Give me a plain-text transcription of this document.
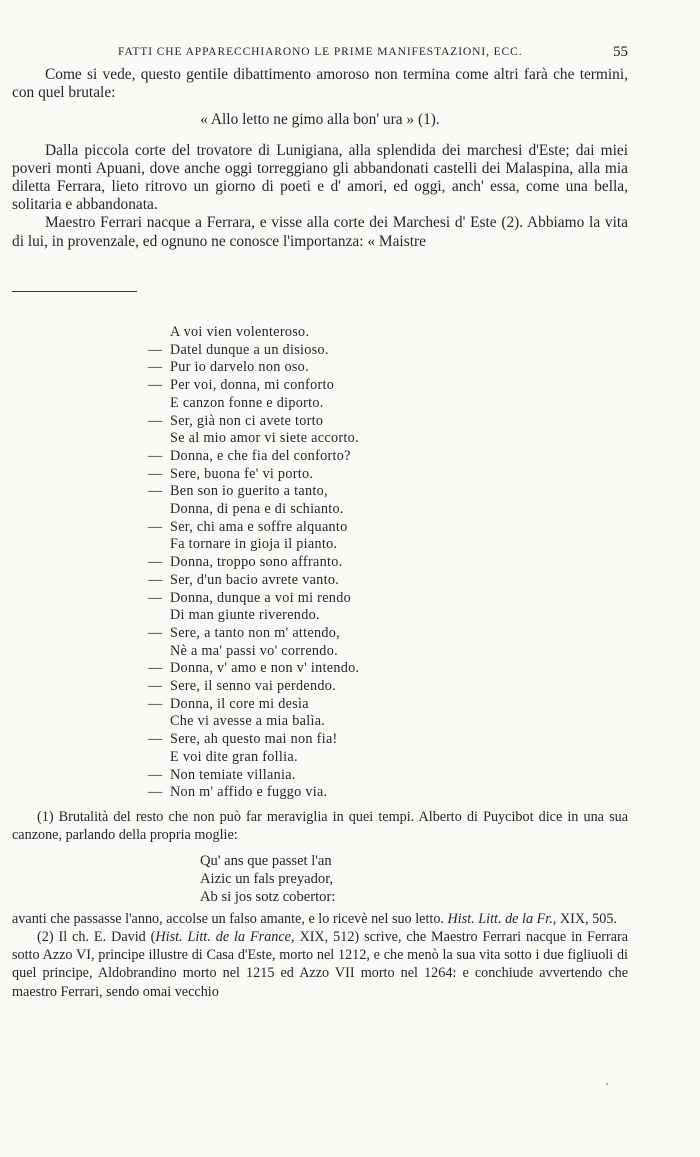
FATTI CHE APPARECCHIARONO LE PRIME MANIFESTAZIONI, ECC.	55

Come si vede, questo gentile dibattimento amoroso non termina come altri farà che termini, con quel brutale:

« Allo letto ne gimo alla bon' ura » (1).

Dalla piccola corte del trovatore di Lunigiana, alla splendida dei marchesi d'Este; dai miei poveri monti Apuani, dove anche oggi torreggiano gli abbandonati castelli dei Malaspina, alla mia diletta Ferrara, lieto ritrovo un giorno di poeti e d' amori, ed oggi, anch' essa, come una bella, solitaria e abbandonata.

Maestro Ferrari nacque a Ferrara, e visse alla corte dei Marchesi d' Este (2). Abbiamo la vita di lui, in provenzale, ed ognuno ne conosce l'importanza: « Maistre

A voi vien volenteroso.
— Datel dunque a un disioso.
— Pur io darvelo non oso.
— Per voi, donna, mi conforto
E canzon fonne e diporto.
— Ser, già non ci avete torto
Se al mio amor vi siete accorto.
— Donna, e che fia del conforto?
— Sere, buona fe' vi porto.
— Ben son io guerito a tanto,
Donna, di pena e di schianto.
— Ser, chi ama e soffre alquanto
Fa tornare in gioja il pianto.
— Donna, troppo sono affranto.
— Ser, d'un bacio avrete vanto.
— Donna, dunque a voi mi rendo
Di man giunte riverendo.
— Sere, a tanto non m' attendo,
Nè a ma' passi vo' correndo.
— Donna, v' amo e non v' intendo.
— Sere, il senno vai perdendo.
— Donna, il core mi desìa
Che vi avesse a mia balìa.
— Sere, ah questo mai non fia!
E voi dite gran follia.
— Non temiate villania.
— Non m' affido e fuggo via.

(1) Brutalità del resto che non può far meraviglia in quei tempi. Alberto di Puycibot dice in una sua canzone, parlando della propria moglie:

Qu' ans que passet l'an
Aizic un fals preyador,
Ab si jos sotz cobertor:

avanti che passasse l'anno, accolse un falso amante, e lo ricevè nel suo letto. Hist. Litt. de la Fr., XIX, 505.

(2) Il ch. E. David (Hist. Litt. de la France, XIX, 512) scrive, che Maestro Ferrari nacque in Ferrara sotto Azzo VI, principe illustre di Casa d'Este, morto nel 1212, e che menò la sua vita sotto i due figliuoli di quel principe, Aldobrandino morto nel 1215 ed Azzo VII morto nel 1264: e conchiude avvertendo che maestro Ferrari, sendo omai vecchio
